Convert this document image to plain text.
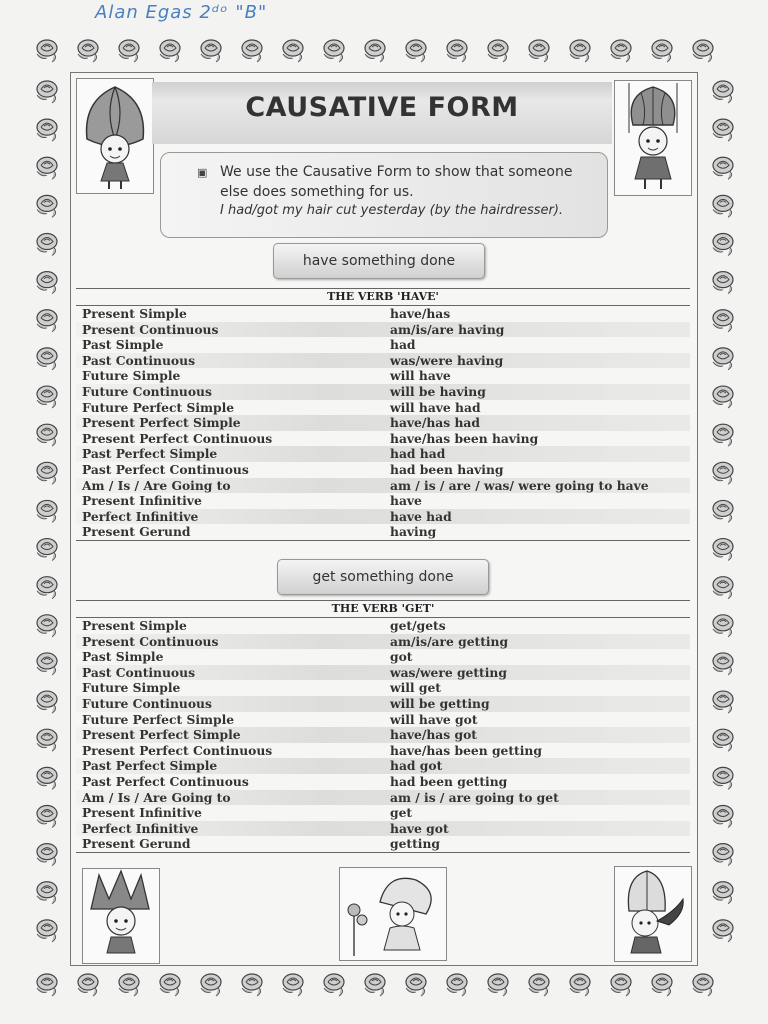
Alan Egas 2ᵈᵒ "B"
CAUSATIVE FORM
▣ We use the Causative Form to show that someone else does something for us.
I had/got my hair cut yesterday (by the hairdresser).
have something done
THE VERB 'HAVE'
Present Simple	have/has
Present Continuous	am/is/are having
Past Simple	had
Past Continuous	was/were having
Future Simple	will have
Future Continuous	will be having
Future Perfect Simple	will have had
Present Perfect Simple	have/has had
Present Perfect Continuous	have/has been having
Past Perfect Simple	had had
Past Perfect Continuous	had been having
Am / Is / Are Going to	am / is / are / was/ were going to have
Present Infinitive	have
Perfect Infinitive	have had
Present Gerund	having
get something done
THE VERB 'GET'
Present Simple	get/gets
Present Continuous	am/is/are getting
Past Simple	got
Past Continuous	was/were getting
Future Simple	will get
Future Continuous	will be getting
Future Perfect Simple	will have got
Present Perfect Simple	have/has got
Present Perfect Continuous	have/has been getting
Past Perfect Simple	had got
Past Perfect Continuous	had been getting
Am / Is / Are Going to	am / is / are going to get
Present Infinitive	get
Perfect Infinitive	have got
Present Gerund	getting
